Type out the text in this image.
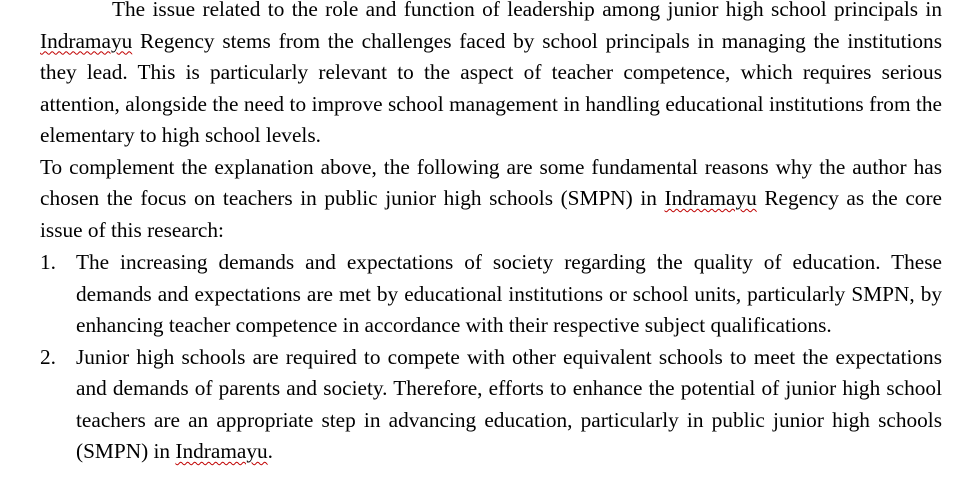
The issue related to the role and function of leadership among junior high school principals in Indramayu Regency stems from the challenges faced by school principals in managing the institutions they lead. This is particularly relevant to the aspect of teacher competence, which requires serious attention, alongside the need to improve school management in handling educational institutions from the elementary to high school levels.

To complement the explanation above, the following are some fundamental reasons why the author has chosen the focus on teachers in public junior high schools (SMPN) in Indramayu Regency as the core issue of this research:

1. The increasing demands and expectations of society regarding the quality of education. These demands and expectations are met by educational institutions or school units, particularly SMPN, by enhancing teacher competence in accordance with their respective subject qualifications.
2. Junior high schools are required to compete with other equivalent schools to meet the expectations and demands of parents and society. Therefore, efforts to enhance the potential of junior high school teachers are an appropriate step in advancing education, particularly in public junior high schools (SMPN) in Indramayu.
